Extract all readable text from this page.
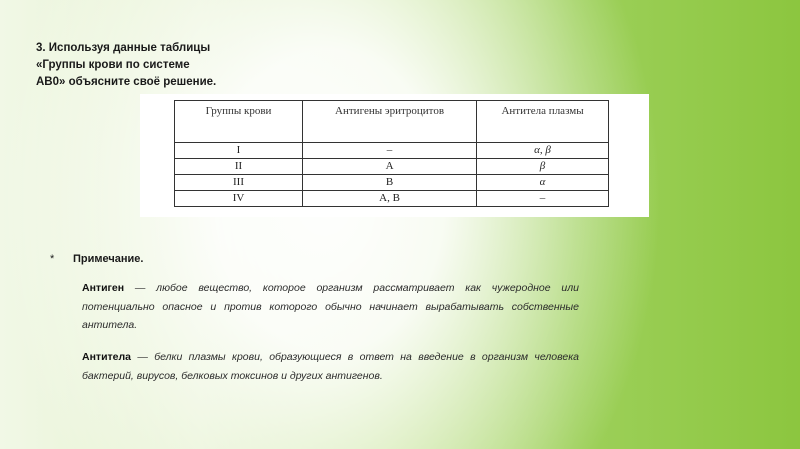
3. Используя данные таблицы
«Группы крови по системе
АВ0» объясните своё решение.
Группы крови	Антигены эритроцитов	Антитела плазмы
I	–	α, β
II	А	β
III	В	α
IV	А, В	–
* Примечание.
Антиген — любое вещество, которое организм рассматривает как чужеродное или потенциально опасное и против которого обычно начинает вырабатывать собственные антитела.
Антитела — белки плазмы крови, образующиеся в ответ на введение в организм человека бактерий, вирусов, белковых токсинов и других антигенов.
